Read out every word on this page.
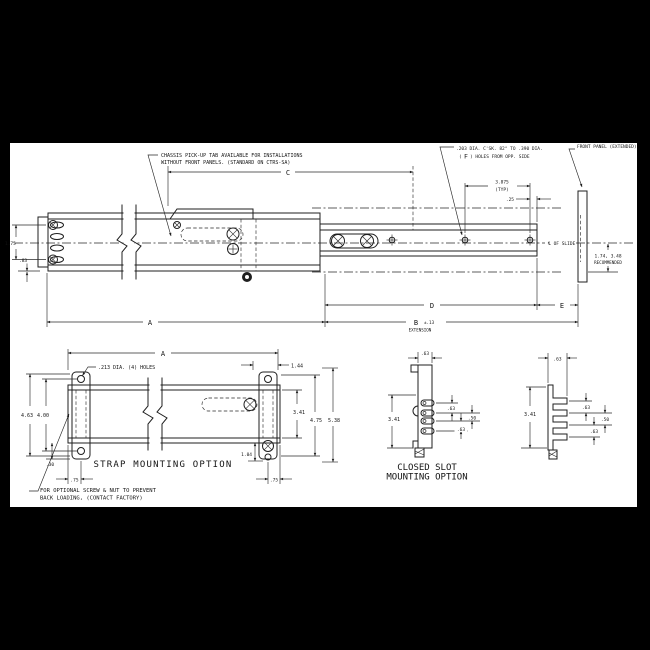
C
CHASSIS PICK-UP TAB AVAILABLE FOR INSTALLATIONS
WITHOUT FRONT PANELS. (STANDARD ON CTRS-SA)
.203 DIA. C'SK. 82° TO .390 DIA.
( F ) HOLES FROM OPP. SIDE
FRONT PANEL (EXTENDED)
3.875
(TYP)
.25
1.75
.83
℄ OF SLIDE
1.74, 3.48
RECOMMENDED
D	E
A	B ±.13
EXTENSION
A
1.44
.213 DIA. (4) HOLES
4.63 4.00
.30
.75
1.04
.75
3.41
4.75 5.38
STRAP MOUNTING OPTION
FOR OPTIONAL SCREW & NUT TO PREVENT
BACK LOADING, (CONTACT FACTORY)
.63
3.41
.63
.50
.63
CLOSED SLOT
MOUNTING OPTION
.63
3.41
.63
.50
.63
